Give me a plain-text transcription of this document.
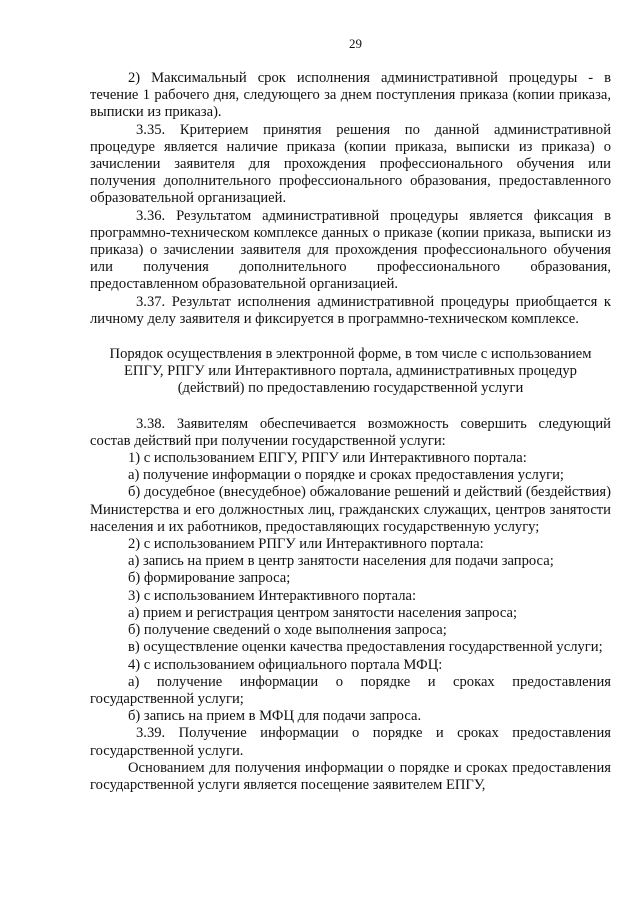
29

2) Максимальный срок исполнения административной процедуры - в течение 1 рабочего дня, следующего за днем поступления приказа (копии приказа, выписки из приказа).

3.35. Критерием принятия решения по данной административной процедуре является наличие приказа (копии приказа, выписки из приказа) о зачислении заявителя для прохождения профессионального обучения или получения дополнительного профессионального образования, предоставленного образовательной организацией.

3.36. Результатом административной процедуры является фиксация в программно-техническом комплексе данных о приказе (копии приказа, выписки из приказа) о зачислении заявителя для прохождения профессионального обучения или получения дополнительного профессионального образования, предоставленном образовательной организацией.

3.37. Результат исполнения административной процедуры приобщается к личному делу заявителя и фиксируется в программно-техническом комплексе.

Порядок осуществления в электронной форме, в том числе с использованием ЕПГУ, РПГУ или Интерактивного портала, административных процедур (действий) по предоставлению государственной услуги

3.38. Заявителям обеспечивается возможность совершить следующий состав действий при получении государственной услуги:

1) с использованием ЕПГУ, РПГУ или Интерактивного портала:

а) получение информации о порядке и сроках предоставления услуги;

б) досудебное (внесудебное) обжалование решений и действий (бездействия) Министерства и его должностных лиц, гражданских служащих, центров занятости населения и их работников, предоставляющих государственную услугу;

2) с использованием РПГУ или Интерактивного портала:

а) запись на прием в центр занятости населения для подачи запроса;

б) формирование запроса;

3) с использованием Интерактивного портала:

а) прием и регистрация центром занятости населения запроса;

б) получение сведений о ходе выполнения запроса;

в) осуществление оценки качества предоставления государственной услуги;

4) с использованием официального портала МФЦ:

а) получение информации о порядке и сроках предоставления государственной услуги;

б) запись на прием в МФЦ для подачи запроса.

3.39. Получение информации о порядке и сроках предоставления государственной услуги.

Основанием для получения информации о порядке и сроках предоставления государственной услуги является посещение заявителем ЕПГУ,
